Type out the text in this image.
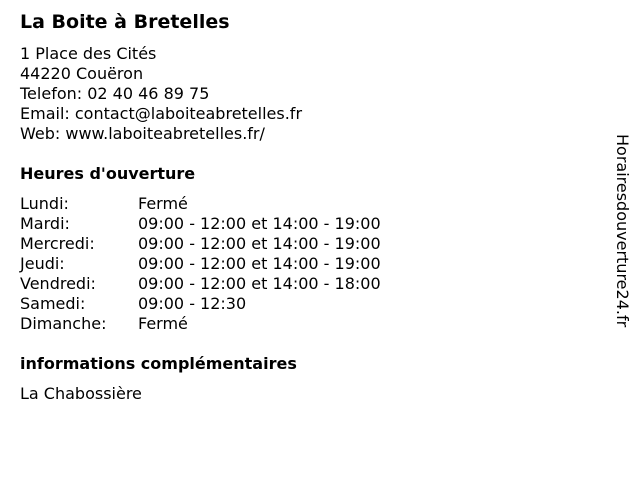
La Boite à Bretelles
1 Place des Cités
44220 Couëron
Telefon: 02 40 46 89 75
Email: contact@laboiteabretelles.fr
Web: www.laboiteabretelles.fr/
Heures d'ouverture
Lundi:	Fermé
Mardi:	09:00 - 12:00 et 14:00 - 19:00
Mercredi:	09:00 - 12:00 et 14:00 - 19:00
Jeudi:	09:00 - 12:00 et 14:00 - 19:00
Vendredi:	09:00 - 12:00 et 14:00 - 18:00
Samedi:	09:00 - 12:30
Dimanche:	Fermé
informations complémentaires
La Chabossière
Horairesdouverture24.fr
